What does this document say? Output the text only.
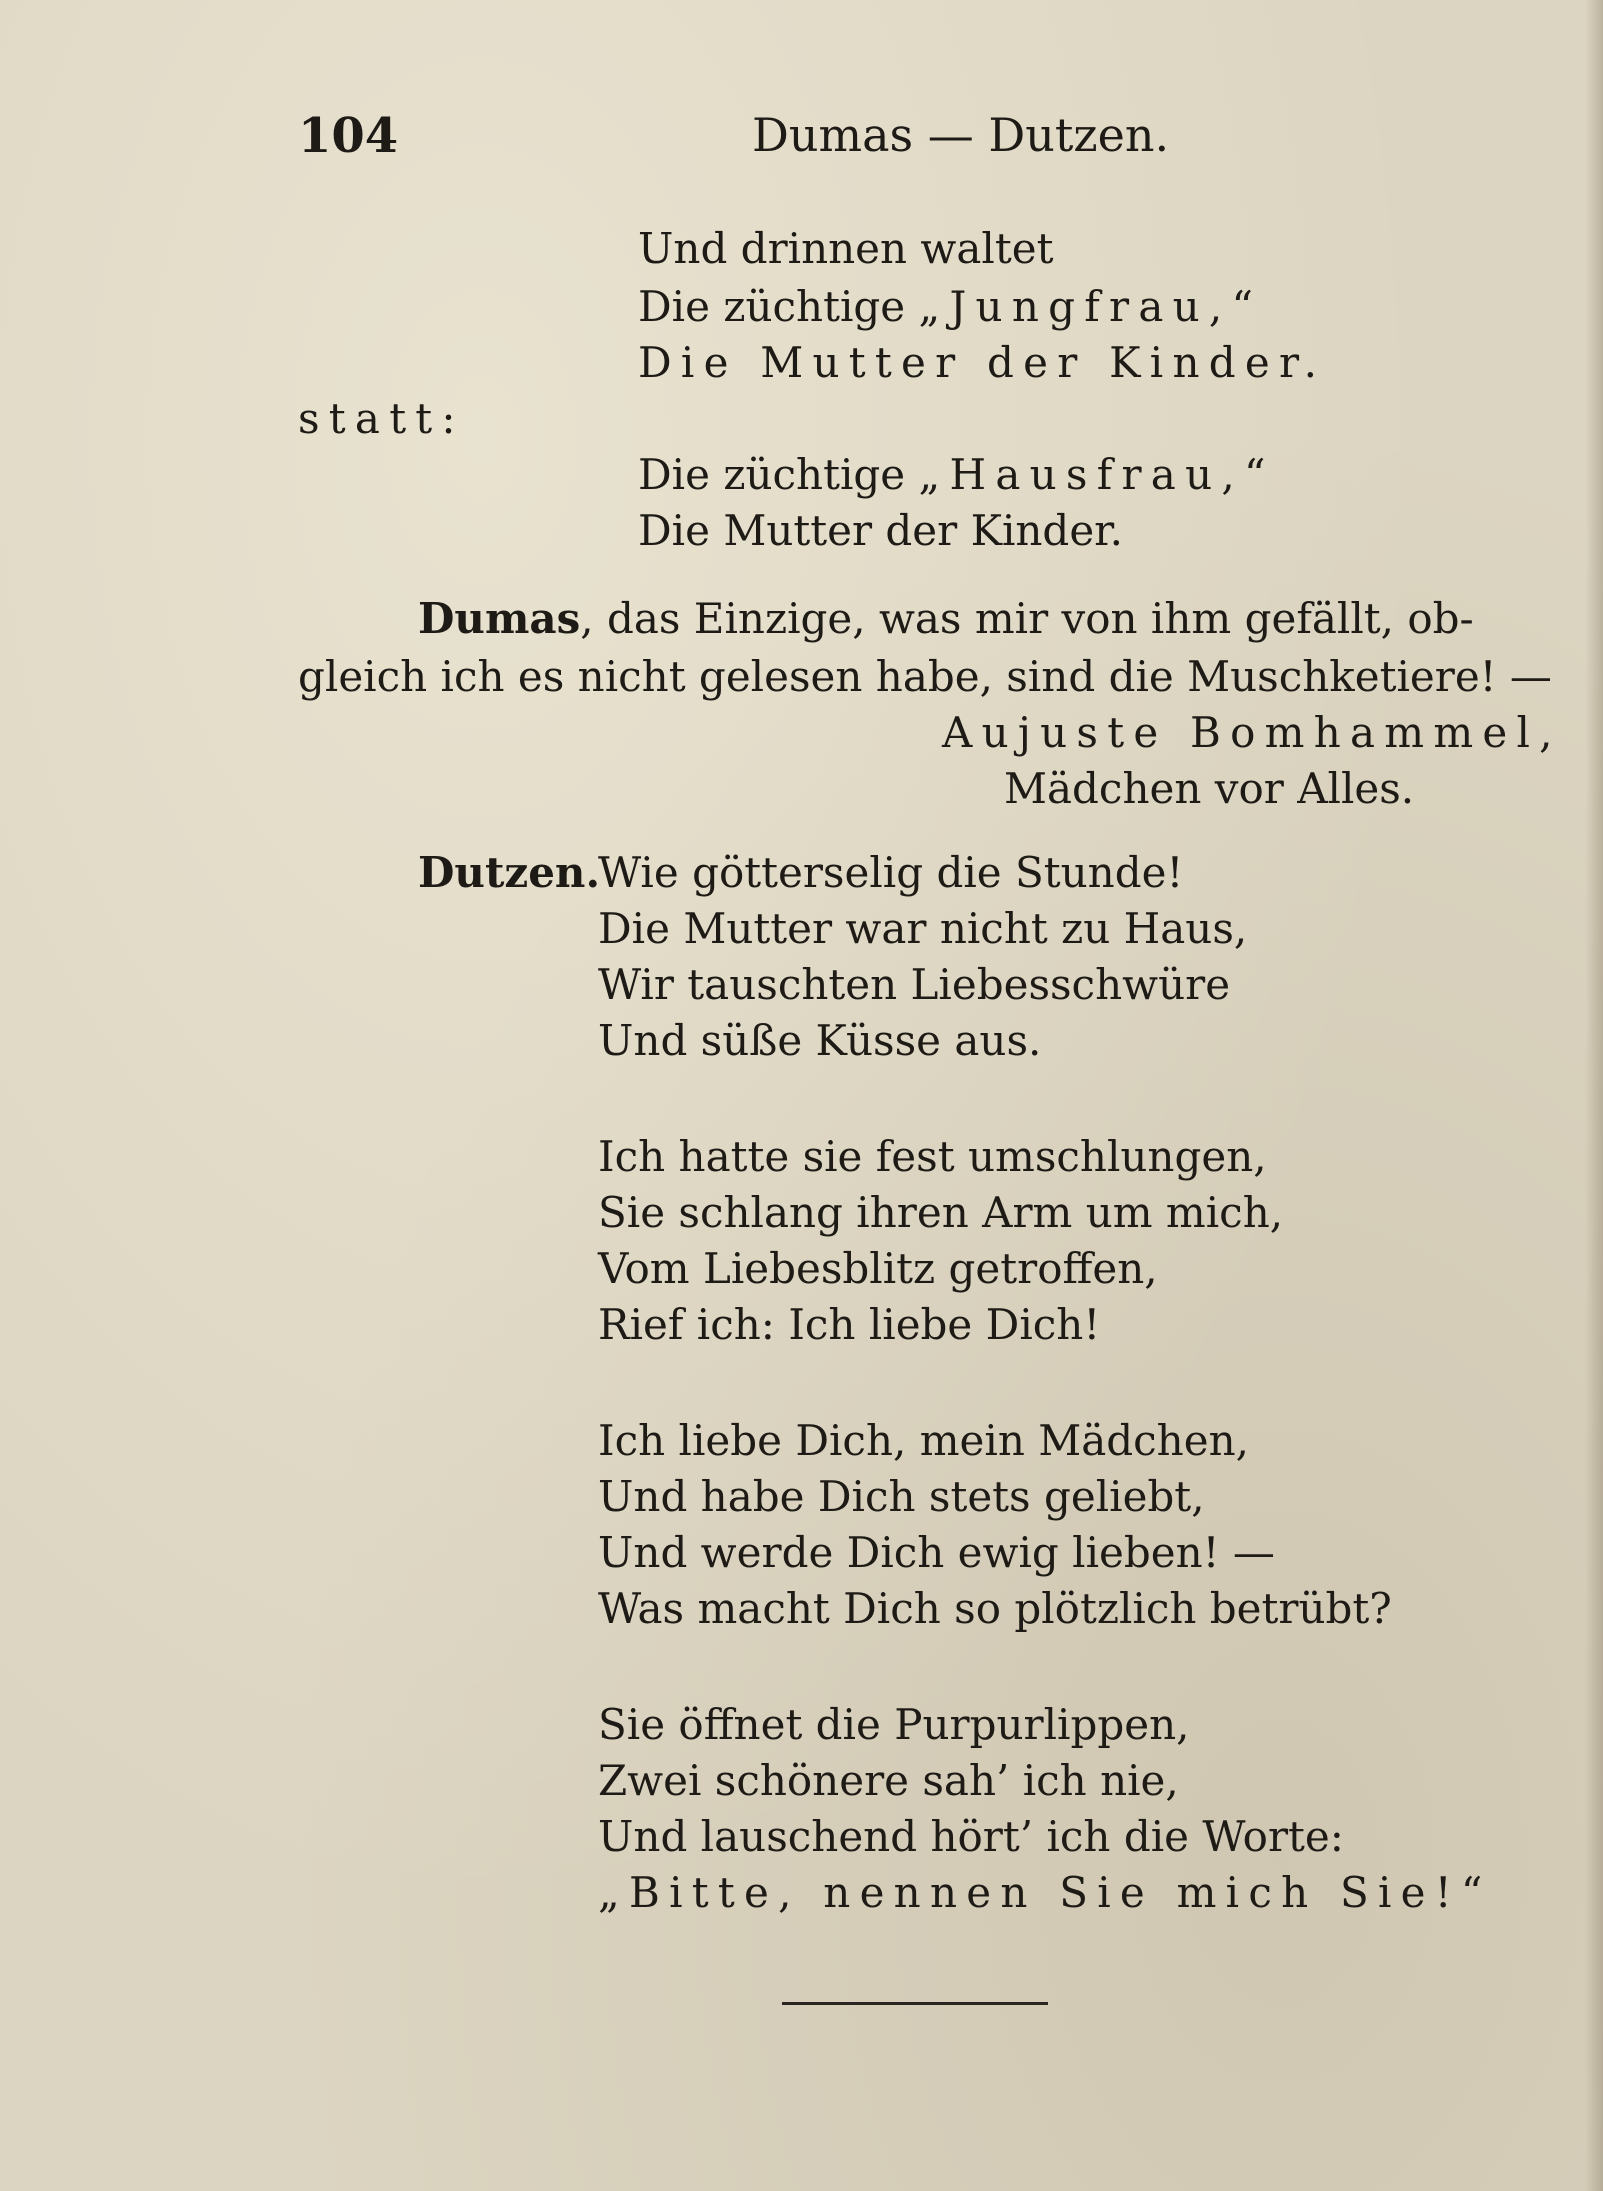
104	Dumas — Dutzen.
Und drinnen waltet
Die züchtige „Jungfrau,“
Die Mutter der Kinder.
statt:
Die züchtige „Hausfrau,“
Die Mutter der Kinder.
Dumas, das Einzige, was mir von ihm gefällt, ob-
gleich ich es nicht gelesen habe, sind die Muschketiere! —
Aujuste Bomhammel,
Mädchen vor Alles.
Dutzen.
Wie götterselig die Stunde!
Die Mutter war nicht zu Haus,
Wir tauschten Liebesschwüre
Und süße Küsse aus.
Ich hatte sie fest umschlungen,
Sie schlang ihren Arm um mich,
Vom Liebesblitz getroffen,
Rief ich: Ich liebe Dich!
Ich liebe Dich, mein Mädchen,
Und habe Dich stets geliebt,
Und werde Dich ewig lieben! —
Was macht Dich so plötzlich betrübt?
Sie öffnet die Purpurlippen,
Zwei schönere sah’ ich nie,
Und lauschend hört’ ich die Worte:
„Bitte, nennen Sie mich Sie!“
